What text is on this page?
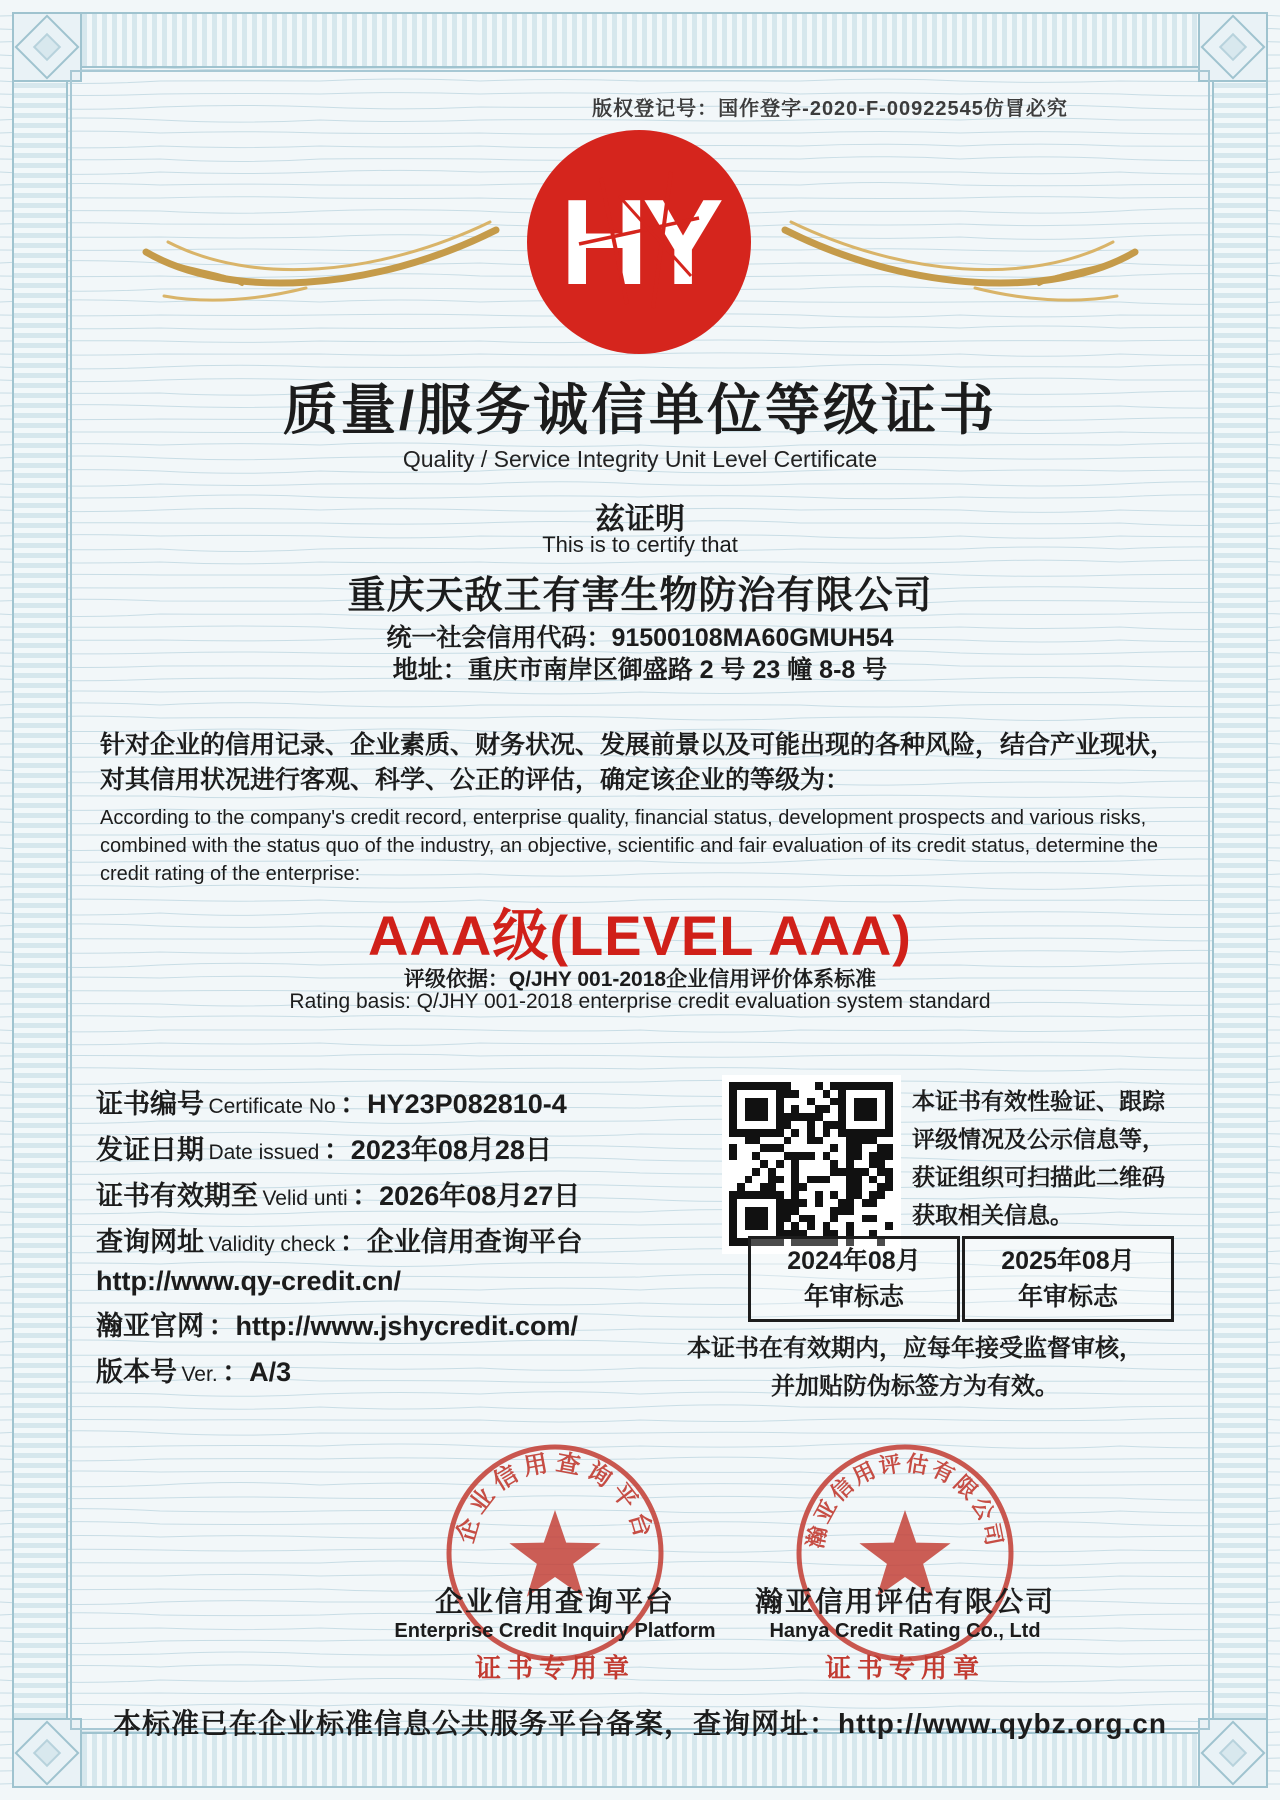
版权登记号：国作登字-2020-F-00922545仿冒必究
HY
质量/服务诚信单位等级证书
Quality / Service Integrity Unit Level Certificate
兹证明
This is to certify that
重庆天敌王有害生物防治有限公司
统一社会信用代码：91500108MA60GMUH54
地址：重庆市南岸区御盛路 2 号 23 幢 8-8 号
针对企业的信用记录、企业素质、财务状况、发展前景以及可能出现的各种风险，结合产业现状，对其信用状况进行客观、科学、公正的评估，确定该企业的等级为：
According to the company's credit record, enterprise quality, financial status, development prospects and various risks, combined with the status quo of the industry, an objective, scientific and fair evaluation of its credit status, determine the credit rating of the enterprise:
AAA级(LEVEL AAA)
评级依据：Q/JHY 001-2018企业信用评价体系标准
Rating basis: Q/JHY 001-2018 enterprise credit evaluation system standard
证书编号 Certificate No ：HY23P082810-4
发证日期 Date issued ：2023年08月28日
证书有效期至 Velid unti ：2026年08月27日
查询网址 Validity check ：企业信用查询平台
http://www.qy-credit.cn/
瀚亚官网 ：http://www.jshycredit.com/
版本号 Ver. ：A/3
本证书有效性验证、跟踪
评级情况及公示信息等，
获证组织可扫描此二维码
获取相关信息。
2024年08月
年审标志
2025年08月
年审标志
本证书在有效期内，应每年接受监督审核，
并加贴防伪标签方为有效。
企业信用查询平台
企业信用查询平台
Enterprise Credit Inquiry Platform
证书专用章
瀚亚信用评估有限公司
瀚亚信用评估有限公司
Hanya Credit Rating Co., Ltd
证书专用章
本标准已在企业标准信息公共服务平台备案，查询网址：http://www.qybz.org.cn
